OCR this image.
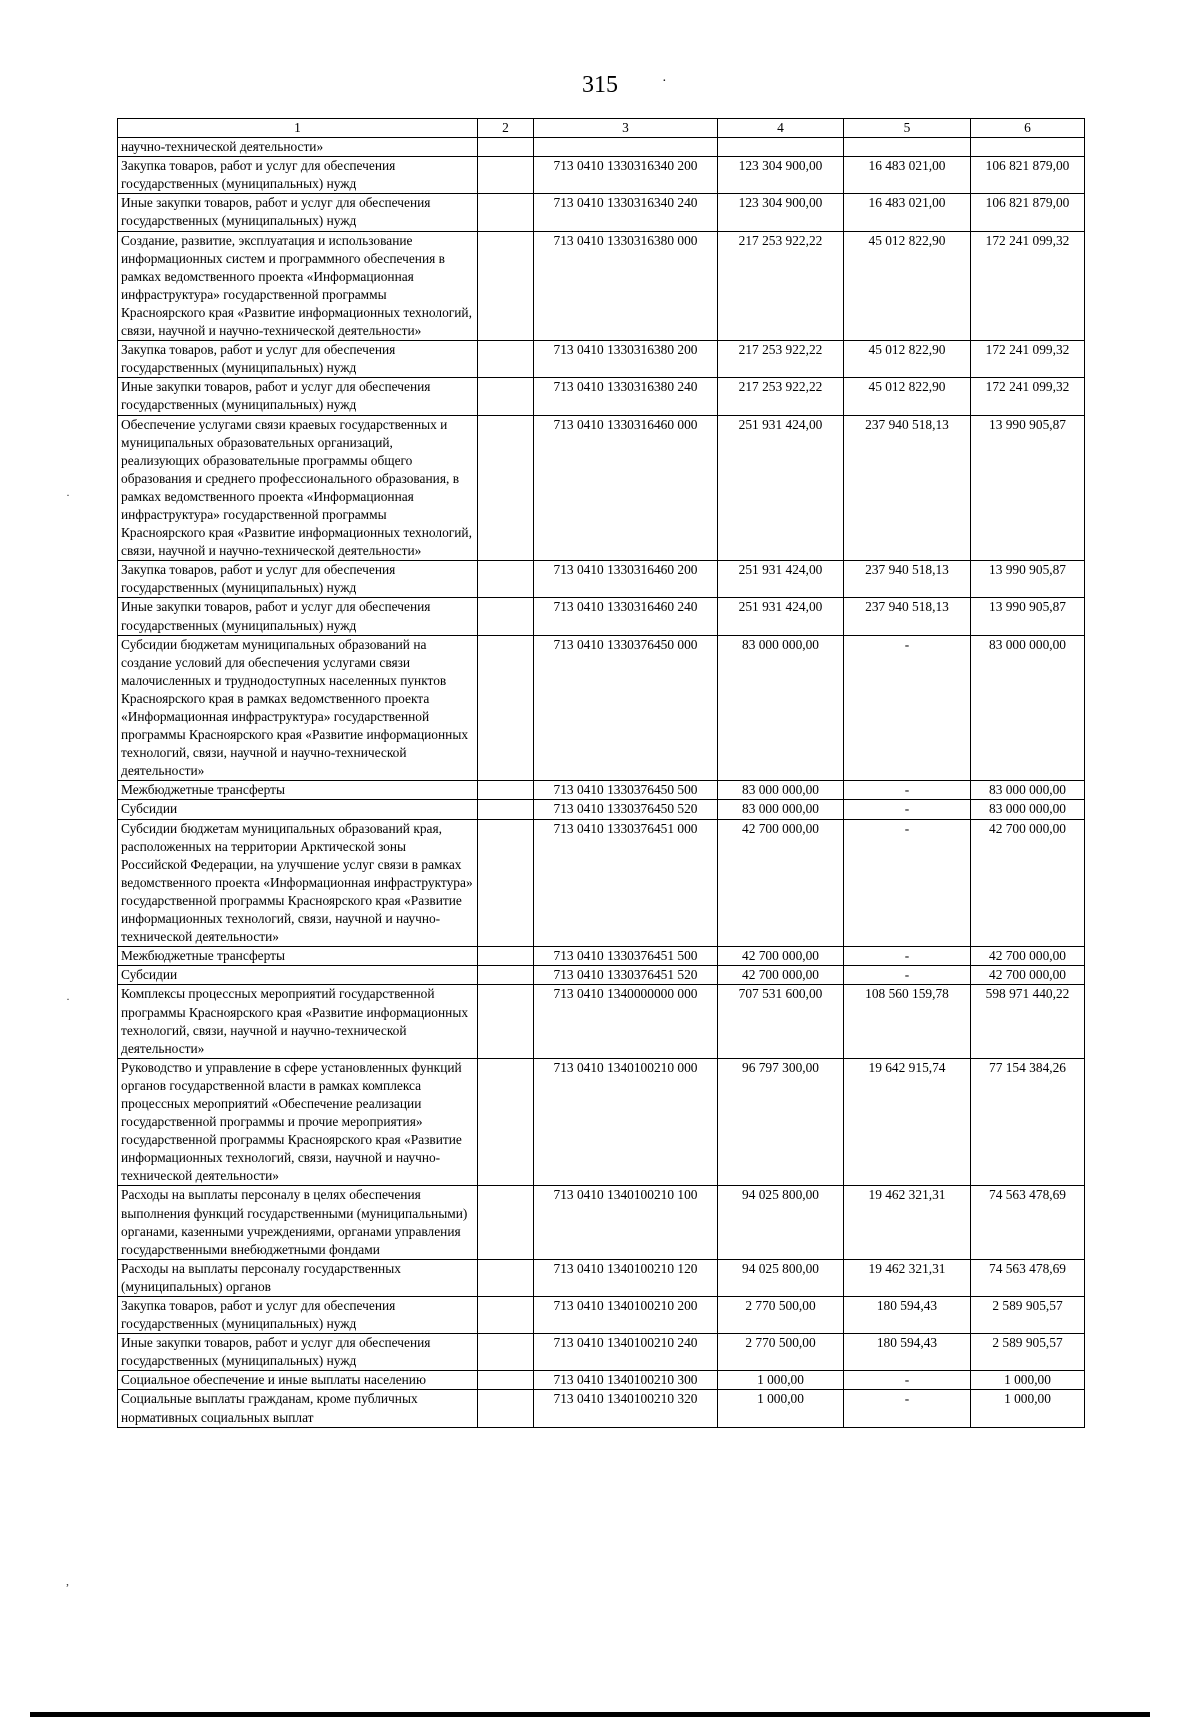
315	·
1	2	3	4	5	6
научно-технической деятельности»					
Закупка товаров, работ и услуг для обеспечения государственных (муниципальных) нужд		713 0410 1330316340 200	123 304 900,00	16 483 021,00	106 821 879,00
Иные закупки товаров, работ и услуг для обеспечения государственных (муниципальных) нужд		713 0410 1330316340 240	123 304 900,00	16 483 021,00	106 821 879,00
Создание, развитие, эксплуатация и использование информационных систем и программного обеспечения в рамках ведомственного проекта «Информационная инфраструктура» государственной программы Красноярского края «Развитие информационных технологий, связи, научной и научно-технической деятельности»		713 0410 1330316380 000	217 253 922,22	45 012 822,90	172 241 099,32
Закупка товаров, работ и услуг для обеспечения государственных (муниципальных) нужд		713 0410 1330316380 200	217 253 922,22	45 012 822,90	172 241 099,32
Иные закупки товаров, работ и услуг для обеспечения государственных (муниципальных) нужд		713 0410 1330316380 240	217 253 922,22	45 012 822,90	172 241 099,32
Обеспечение услугами связи краевых государственных и муниципальных образовательных организаций, реализующих образовательные программы общего образования и среднего профессионального образования, в рамках ведомственного проекта «Информационная инфраструктура» государственной программы Красноярского края «Развитие информационных технологий, связи, научной и научно-технической деятельности»		713 0410 1330316460 000	251 931 424,00	237 940 518,13	13 990 905,87
Закупка товаров, работ и услуг для обеспечения государственных (муниципальных) нужд		713 0410 1330316460 200	251 931 424,00	237 940 518,13	13 990 905,87
Иные закупки товаров, работ и услуг для обеспечения государственных (муниципальных) нужд		713 0410 1330316460 240	251 931 424,00	237 940 518,13	13 990 905,87
Субсидии бюджетам муниципальных образований на создание условий для обеспечения услугами связи малочисленных и труднодоступных населенных пунктов Красноярского края в рамках ведомственного проекта «Информационная инфраструктура» государственной программы Красноярского края «Развитие информационных технологий, связи, научной и научно-технической деятельности»		713 0410 1330376450 000	83 000 000,00	-	83 000 000,00
Межбюджетные трансферты		713 0410 1330376450 500	83 000 000,00	-	83 000 000,00
Субсидии		713 0410 1330376450 520	83 000 000,00	-	83 000 000,00
Субсидии бюджетам муниципальных образований края, расположенных на территории Арктической зоны Российской Федерации, на улучшение услуг связи в рамках ведомственного проекта «Информационная инфраструктура» государственной программы Красноярского края «Развитие информационных технологий, связи, научной и научно-технической деятельности»		713 0410 1330376451 000	42 700 000,00	-	42 700 000,00
Межбюджетные трансферты		713 0410 1330376451 500	42 700 000,00	-	42 700 000,00
Субсидии		713 0410 1330376451 520	42 700 000,00	-	42 700 000,00
Комплексы процессных мероприятий государственной программы Красноярского края «Развитие информационных технологий, связи, научной и научно-технической деятельности»		713 0410 1340000000 000	707 531 600,00	108 560 159,78	598 971 440,22
Руководство и управление в сфере установленных функций органов государственной власти в рамках комплекса процессных мероприятий «Обеспечение реализации государственной программы и прочие мероприятия» государственной программы Красноярского края «Развитие информационных технологий, связи, научной и научно-технической деятельности»		713 0410 1340100210 000	96 797 300,00	19 642 915,74	77 154 384,26
Расходы на выплаты персоналу в целях обеспечения выполнения функций государственными (муниципальными) органами, казенными учреждениями, органами управления государственными внебюджетными фондами		713 0410 1340100210 100	94 025 800,00	19 462 321,31	74 563 478,69
Расходы на выплаты персоналу государственных (муниципальных) органов		713 0410 1340100210 120	94 025 800,00	19 462 321,31	74 563 478,69
Закупка товаров, работ и услуг для обеспечения государственных (муниципальных) нужд		713 0410 1340100210 200	2 770 500,00	180 594,43	2 589 905,57
Иные закупки товаров, работ и услуг для обеспечения государственных (муниципальных) нужд		713 0410 1340100210 240	2 770 500,00	180 594,43	2 589 905,57
Социальное обеспечение и иные выплаты населению		713 0410 1340100210 300	1 000,00	-	1 000,00
Социальные выплаты гражданам, кроме публичных нормативных социальных выплат		713 0410 1340100210 320	1 000,00	-	1 000,00
·
·
,
